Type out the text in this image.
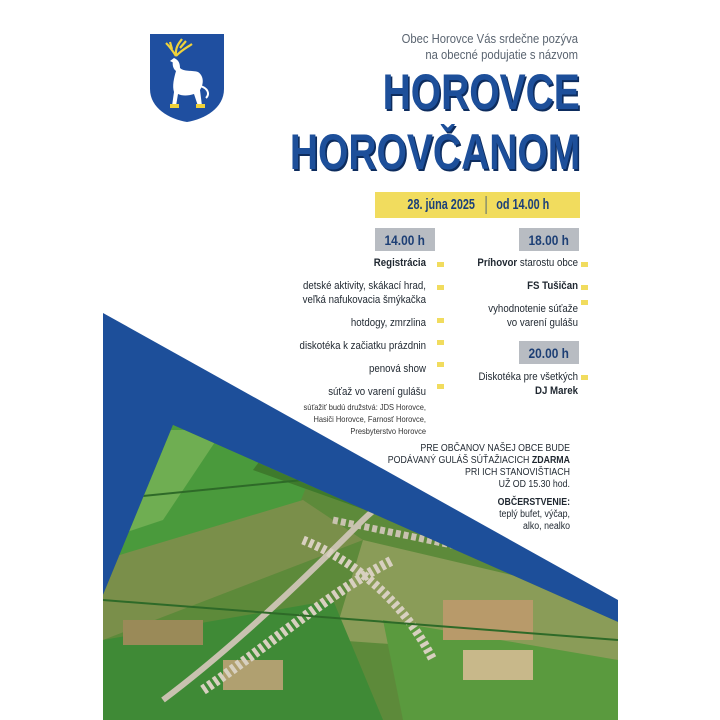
Obec Horovce Vás srdečne pozýva
na obecné podujatie s názvom
HOROVCE
HOROVČANOM
28. júna 2025 od 14.00 h
14.00 h
Registrácia
detské aktivity, skákací hrad,
veľká nafukovacia šmýkačka
hotdogy, zmrzlina
diskotéka k začiatku prázdnin
penová show
súťaž vo varení gulášu
súťažiť budú družstvá: JDS Horovce,
Hasiči Horovce, Farnosť Horovce,
Presbyterstvo Horovce
18.00 h
Príhovor starostu obce
FS Tušičan
vyhodnotenie súťaže
vo varení gulášu
20.00 h
Diskotéka pre všetkých
DJ Marek
PRE OBČANOV NAŠEJ OBCE BUDE
PODÁVANÝ GULÁŠ SÚŤAŽIACICH ZDARMA
PRI ICH STANOVIŠTIACH
UŽ OD 15.30 hod.
OBČERSTVENIE:
teplý bufet, výčap,
alko, nealko
